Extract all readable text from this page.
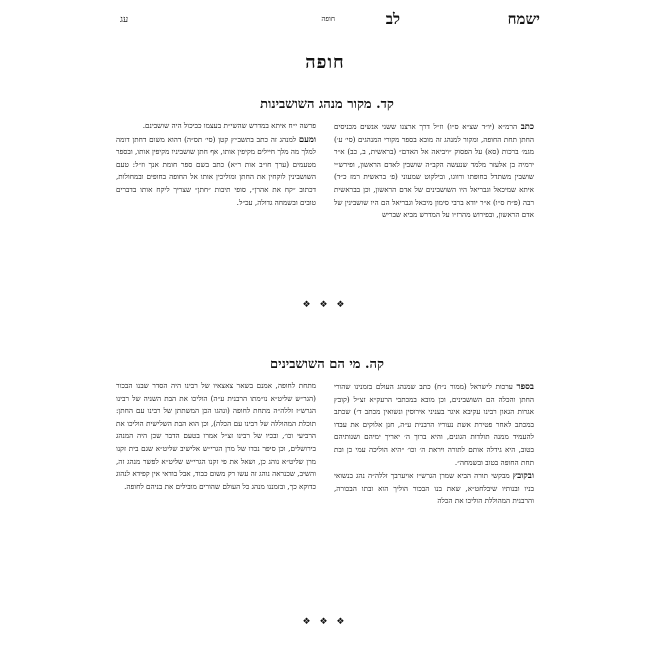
ישמח
לב
חופה
עג
חופה
קד. מקור מנהג השושבינות

כתב הרמ״א (יו״ד שצ״א ס״ו) וז״ל דרך ארצנו ששני אנשים מכניסים החתן תחת החופה, ומקור למנהג זה מובא בספר מקורי המנהגים (סי׳ ע׳) מגמ׳ ברכות (סא) על הפסוק ״ויביאה אל האדם״ (בראשית, ב, כב) א״ר ירמיה בן אלעזר מלמד שנעשה הקב״ה שושבין לאדם הראשון, ופירש״י שושבין משתדל בחופתו ורווגו, ובילקוט שמעוני (פ׳ בראשית רמז כ״ד) איתא שמיכאל וגבריאל היו השושבינים של אדם הראשון, וכן בבראשית רבה (פ״ח ס״ו) א״ר יודא ברבי סימון מיכאל וגבריאל הם היו שושבינין של אדם הראשון, ובפירוש מהרז״ו על המדרש מביא שבריש

פרשה י״ח איתא במדרש שהשי״ת בעצמו כביכול היה שושבינם.

ומעם למנהג זה כתב בתשב״ץ קטן (סי׳ תס״ה) דהוא משום דחתן דומה למלך מה מלך חיילים מקיפין אותו, אף חתן שושביניו מקיפין אותו, ובספר מטעמים (ערך חו״ב אות ר״א) כתב בשם ספר חומת אנך וז״ל: טעם השושבינין לוקחין את החתן ומוליכין אותו אל החופה בחופים ובמחולות, דכתוב ״קח את אהרן״, סופי תיבות ״חתן״ שצריך ליקח אותו בדברים טובים ובשמחה גדולה, עכ״ל.

❖ ❖ ❖
קה. מי הם השושבינים

בספר ערכות לישראל (ממור נ״ח) כתב שמנהג העולם בזמנינו שהורי החתן והכלה הם השושבינים, וכן מובא במכתבי הרעק״א זצ״ל (קובץ אגרות הגאון רבינו עקיבא איגר בעניני אירוסין ונשואין מכתב ד׳) שכתב במכתב לאחר פטירת אשת נעוריו הרבנית ע״ה, חנן אלוקים את עבדו להעמיד ממנה תולדות הגונים, והיא ברוך ה׳ יאריך ימיהם ושנותיהם בטוב, היא גידלה אותם לתורה ויראת ה׳ וכו׳ ״היא הוליכה עמי כן ובת תחת החופה בטוב ובשמחה״.

ובקובץ מבקשי תורה הביא שמרן הגרש״ז אויערבך זללה״ה נהג בנשואי בניו ובנותיו שיבלחט״א, שאת בנו הבכור הוליך הוא ובתו הבכורה, והרבנית המהוללת הוליכו את הכלה

מתחת לחופה, אמנם בשאר צאצאיו של רבינו היה הסדר שבנו הבכור (הגר״ש שליט״א נו״מתו הרבנית ע״ה) הוליכו את הבת השניה של רבינו הגרש״ז זללה״ה מתחת לחופה (ונהגו הכן המשתתן של רבינו עם החתן: תוכלת המהוללה של רבינו עם הכלה), וכן הוא הבת השלישית הוליכו את הרביעי וכו׳, ובכיו של רבינו זצ״ל אמרו בטעם הדבר שכן היה המנהג בירושלים, וכן סיפר נכדו של מרן הגרי״ש אלישיב שליט״א שגם בית זקנו מרן שליט״א נוהג כן, ושאל את פי זקנו הגרי״ש שליט״א לפשר מנהג זה, והשיב, שכנראה נוהג זה עשו רק משום כבוד, אבל בודאי אין קפידא לנהוג כדוקא כך, ובזמננו מנהג כל העולם שהורים מובילים את בניהם לחופה.

❖ ❖ ❖
